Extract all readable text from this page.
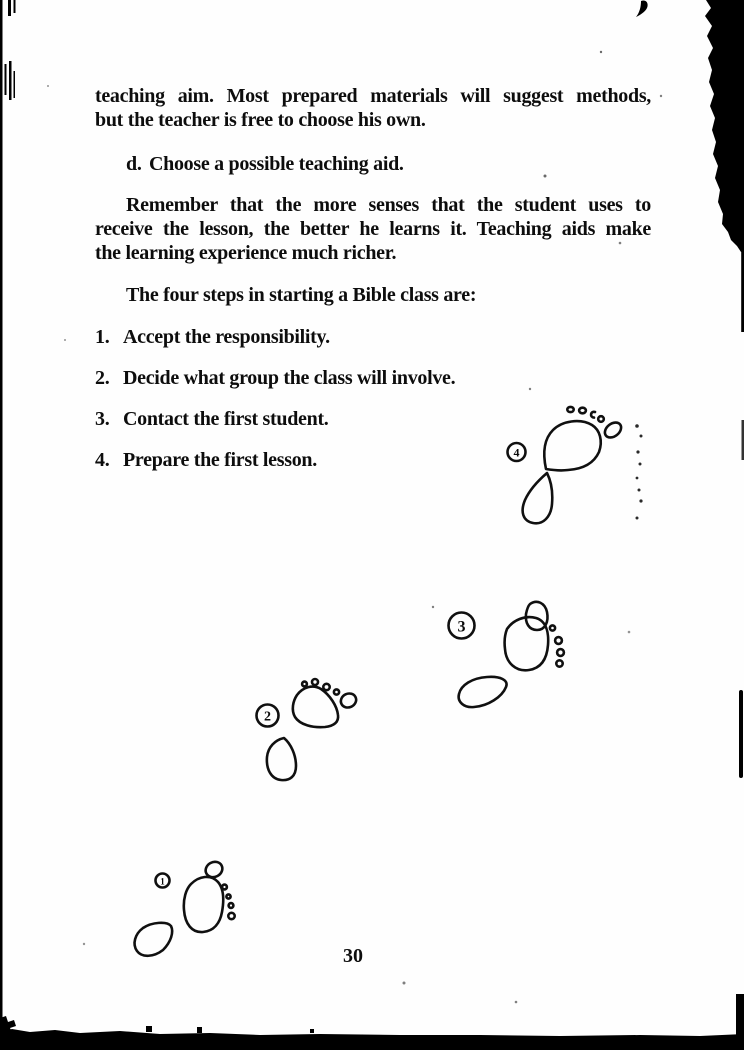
teaching aim. Most prepared materials will suggest methods,
but the teacher is free to choose his own.
d. Choose a possible teaching aid.
Remember that the more senses that the student uses to
receive the lesson, the better he learns it. Teaching aids make
the learning experience much richer.
The four steps in starting a Bible class are:
1. Accept the responsibility.
2. Decide what group the class will involve.
3. Contact the first student.
4. Prepare the first lesson.
30
4
3
2
1
